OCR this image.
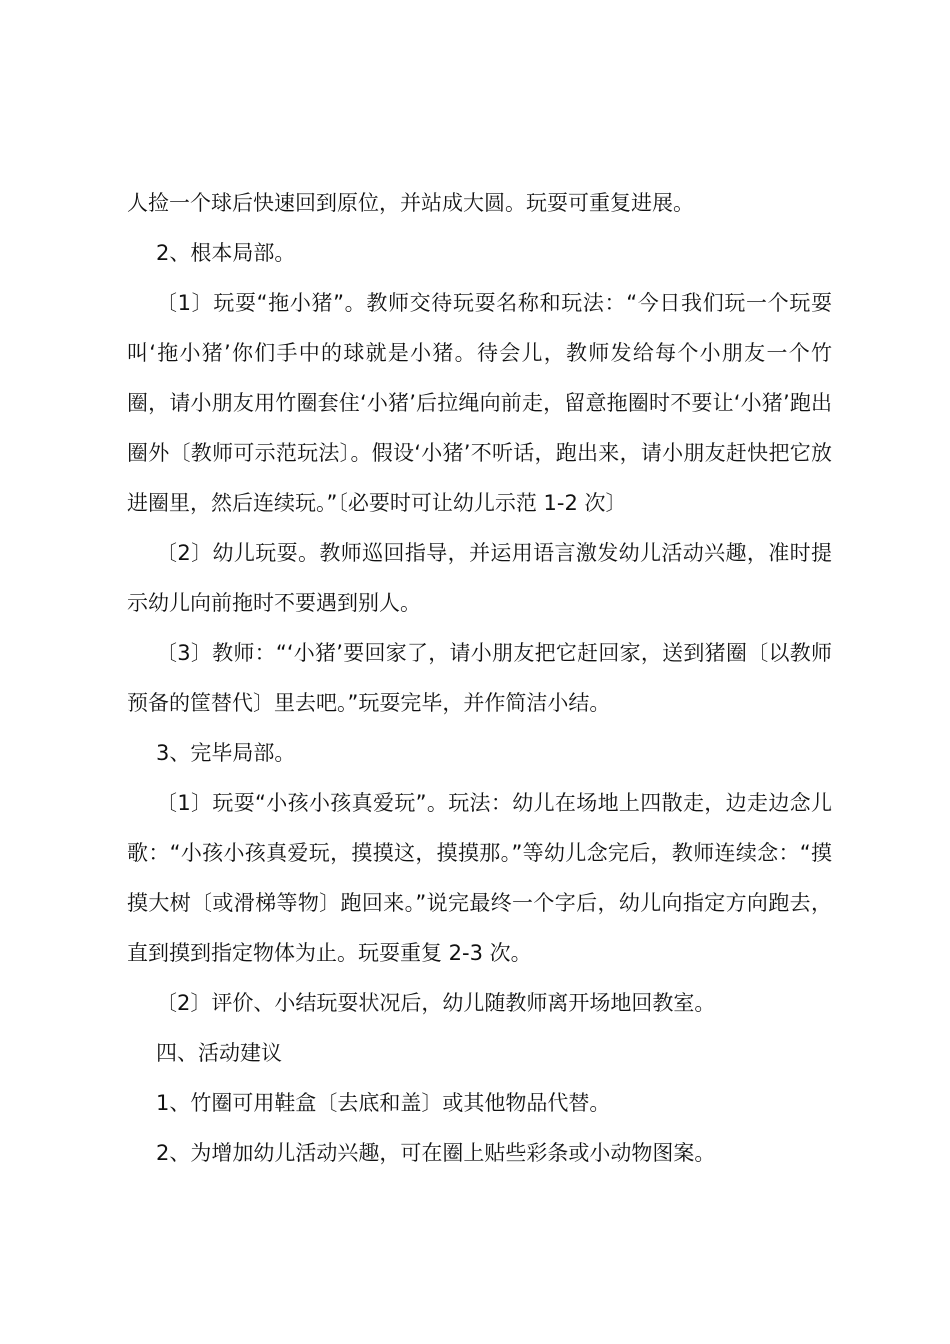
人捡一个球后快速回到原位，并站成大圆。玩耍可重复进展。

2、根本局部。

〔1〕玩耍“拖小猪”。教师交待玩耍名称和玩法：“今日我们玩一个玩耍叫‘拖小猪’你们手中的球就是小猪。待会儿，教师发给每个小朋友一个竹圈，请小朋友用竹圈套住‘小猪’后拉绳向前走，留意拖圈时不要让‘小猪’跑出圈外〔教师可示范玩法〕。假设‘小猪’不听话，跑出来，请小朋友赶快把它放进圈里，然后连续玩。”〔必要时可让幼儿示范 1-2 次〕

〔2〕幼儿玩耍。教师巡回指导，并运用语言激发幼儿活动兴趣，准时提示幼儿向前拖时不要遇到别人。

〔3〕教师：“‘小猪’要回家了，请小朋友把它赶回家，送到猪圈〔以教师预备的筐替代〕里去吧。”玩耍完毕，并作简洁小结。

3、完毕局部。

〔1〕玩耍“小孩小孩真爱玩”。玩法：幼儿在场地上四散走，边走边念儿歌：“小孩小孩真爱玩，摸摸这，摸摸那。”等幼儿念完后，教师连续念：“摸摸大树〔或滑梯等物〕跑回来。”说完最终一个字后，幼儿向指定方向跑去，直到摸到指定物体为止。玩耍重复 2-3 次。

〔2〕评价、小结玩耍状况后，幼儿随教师离开场地回教室。

四、活动建议

1、竹圈可用鞋盒〔去底和盖〕或其他物品代替。

2、为增加幼儿活动兴趣，可在圈上贴些彩条或小动物图案。
